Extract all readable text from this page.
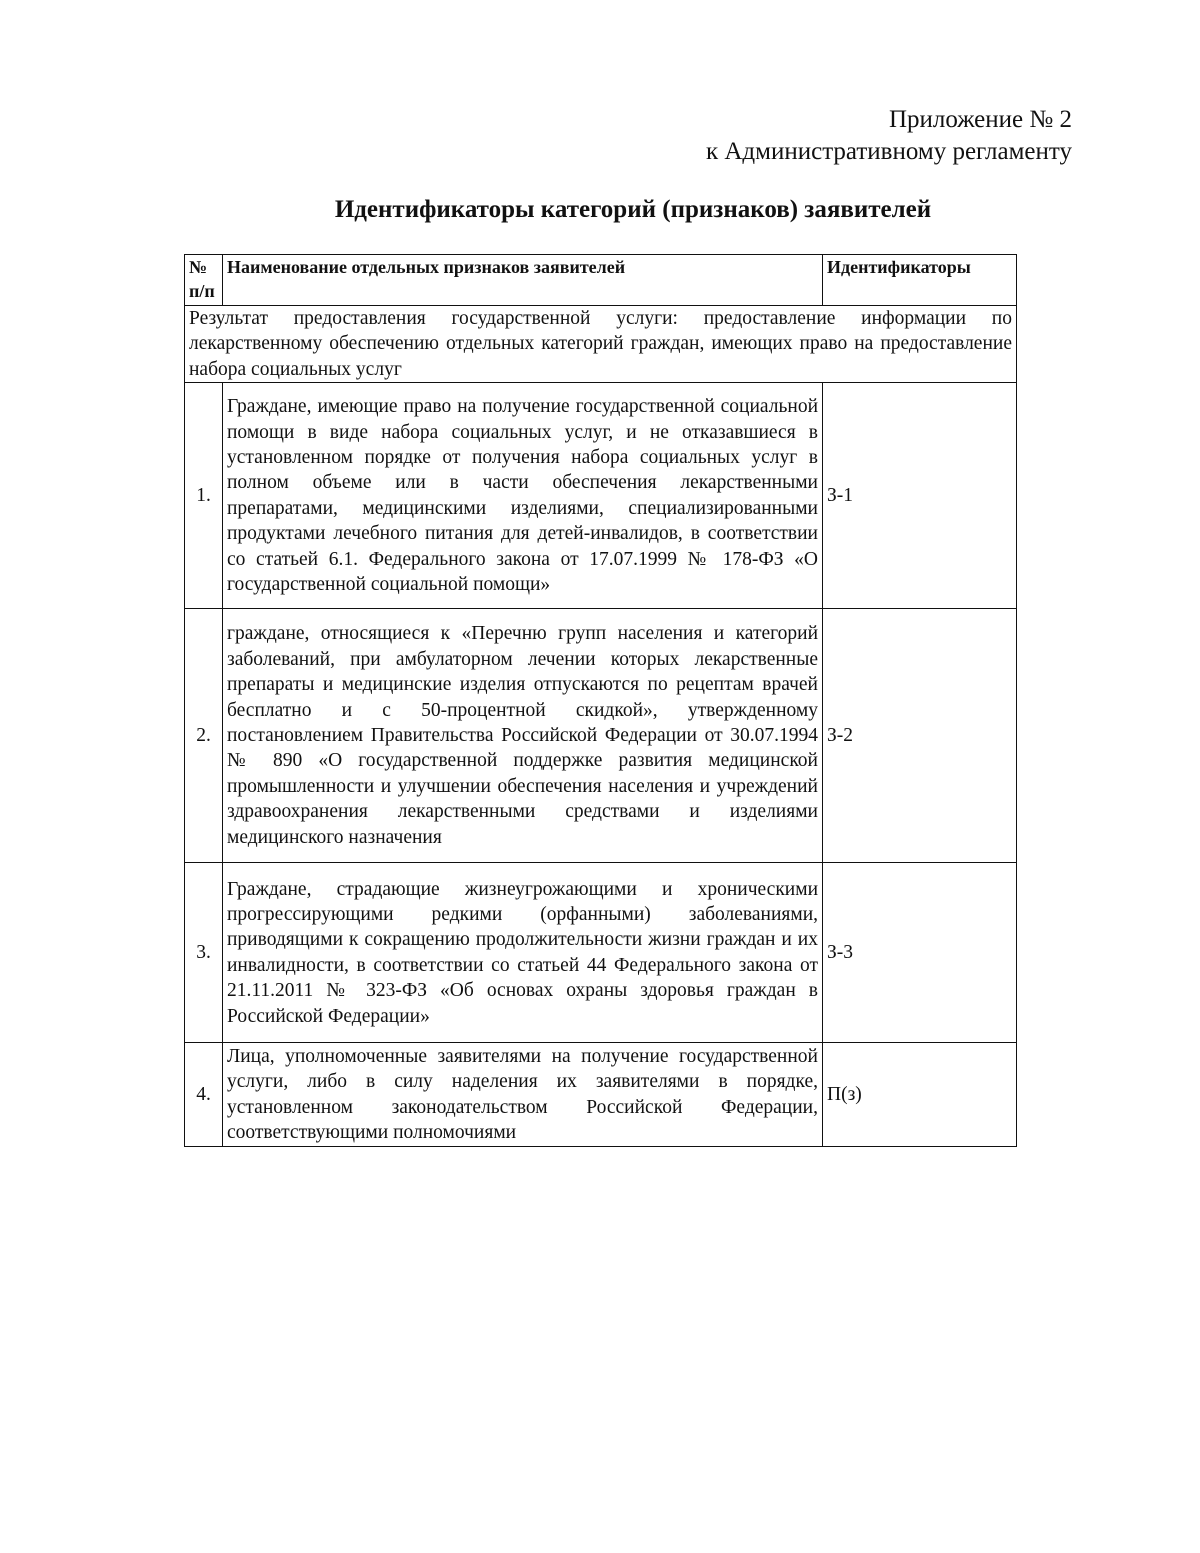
Приложение № 2
к Административному регламенту
Идентификаторы категорий (признаков) заявителей
№ п/п	Наименование отдельных признаков заявителей	Идентификаторы
Результат предоставления государственной услуги: предоставление информации по лекарственному обеспечению отдельных категорий граждан, имеющих право на предоставление набора социальных услуг		
1.	Граждане, имеющие право на получение государственной социальной помощи в виде набора социальных услуг, и не отказавшиеся в установленном порядке от получения набора социальных услуг в полном объеме или в части обеспечения лекарственными препаратами, медицинскими изделиями, специализированными продуктами лечебного питания для детей-инвалидов, в соответствии со статьей 6.1. Федерального закона от 17.07.1999 № 178-ФЗ «О государственной социальной помощи»	З-1
2.	граждане, относящиеся к «Перечню групп населения и категорий заболеваний, при амбулаторном лечении которых лекарственные препараты и медицинские изделия отпускаются по рецептам врачей бесплатно и с 50-процентной скидкой», утвержденному постановлением Правительства Российской Федерации от 30.07.1994 № 890 «О государственной поддержке развития медицинской промышленности и улучшении обеспечения населения и учреждений здравоохранения лекарственными средствами и изделиями медицинского назначения	З-2
3.	Граждане, страдающие жизнеугрожающими и хроническими прогрессирующими редкими (орфанными) заболеваниями, приводящими к сокращению продолжительности жизни граждан и их инвалидности, в соответствии со статьей 44 Федерального закона от 21.11.2011 № 323-ФЗ «Об основах охраны здоровья граждан в Российской Федерации»	З-3
4.	Лица, уполномоченные заявителями на получение государственной услуги, либо в силу наделения их заявителями в порядке, установленном законодательством Российской Федерации, соответствующими полномочиями	П(з)
